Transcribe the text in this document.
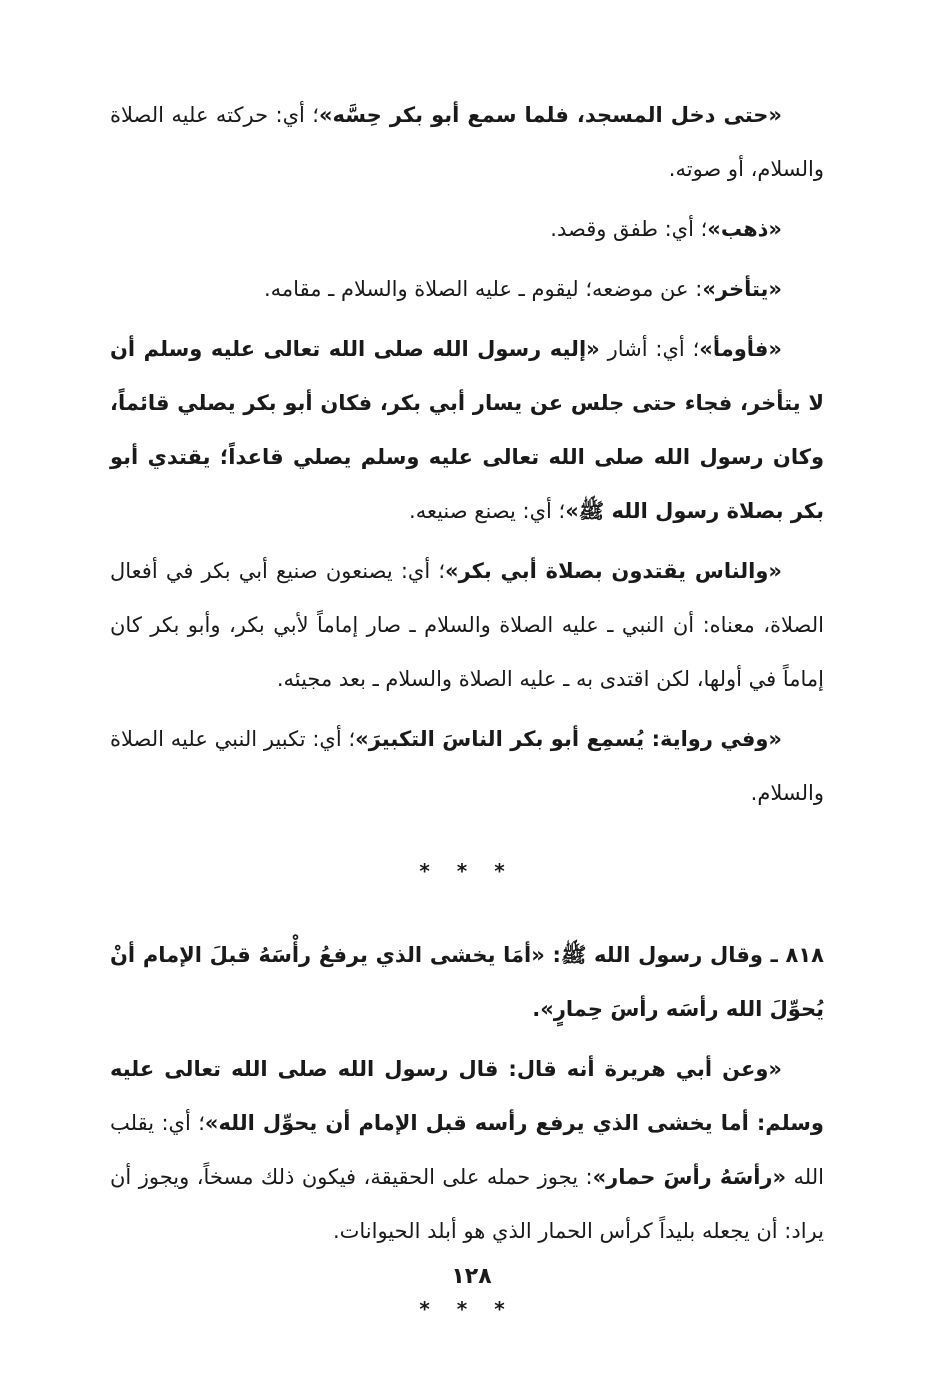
«حتى دخل المسجد، فلما سمع أبو بكر حِسَّه»؛ أي: حركته عليه الصلاة والسلام، أو صوته.

«ذهب»؛ أي: طفق وقصد.

«يتأخر»: عن موضعه؛ ليقوم ـ عليه الصلاة والسلام ـ مقامه.

«فأومأ»؛ أي: أشار «إليه رسول الله صلى الله تعالى عليه وسلم أن لا يتأخر، فجاء حتى جلس عن يسار أبي بكر، فكان أبو بكر يصلي قائماً، وكان رسول الله صلى الله تعالى عليه وسلم يصلي قاعداً؛ يقتدي أبو بكر بصلاة رسول الله ﷺ»؛ أي: يصنع صنيعه.

«والناس يقتدون بصلاة أبي بكر»؛ أي: يصنعون صنيع أبي بكر في أفعال الصلاة، معناه: أن النبي ـ عليه الصلاة والسلام ـ صار إماماً لأبي بكر، وأبو بكر كان إماماً في أولها، لكن اقتدى به ـ عليه الصلاة والسلام ـ بعد مجيئه.

«وفي رواية: يُسمِع أبو بكر الناسَ التكبيرَ»؛ أي: تكبير النبي عليه الصلاة والسلام.

* * *

٨١٨ ـ وقال رسول الله ﷺ: «أمَا يخشى الذي يرفعُ رأْسَهُ قبلَ الإمام أنْ يُحوِّلَ الله رأسَه رأسَ حِمارٍ».

«وعن أبي هريرة أنه قال: قال رسول الله صلى الله تعالى عليه وسلم: أما يخشى الذي يرفع رأسه قبل الإمام أن يحوِّل الله»؛ أي: يقلب الله «رأسَهُ رأسَ حمار»: يجوز حمله على الحقيقة، فيكون ذلك مسخاً، ويجوز أن يراد: أن يجعله بليداً كرأس الحمار الذي هو أبلد الحيوانات.

* * *
١٢٨
